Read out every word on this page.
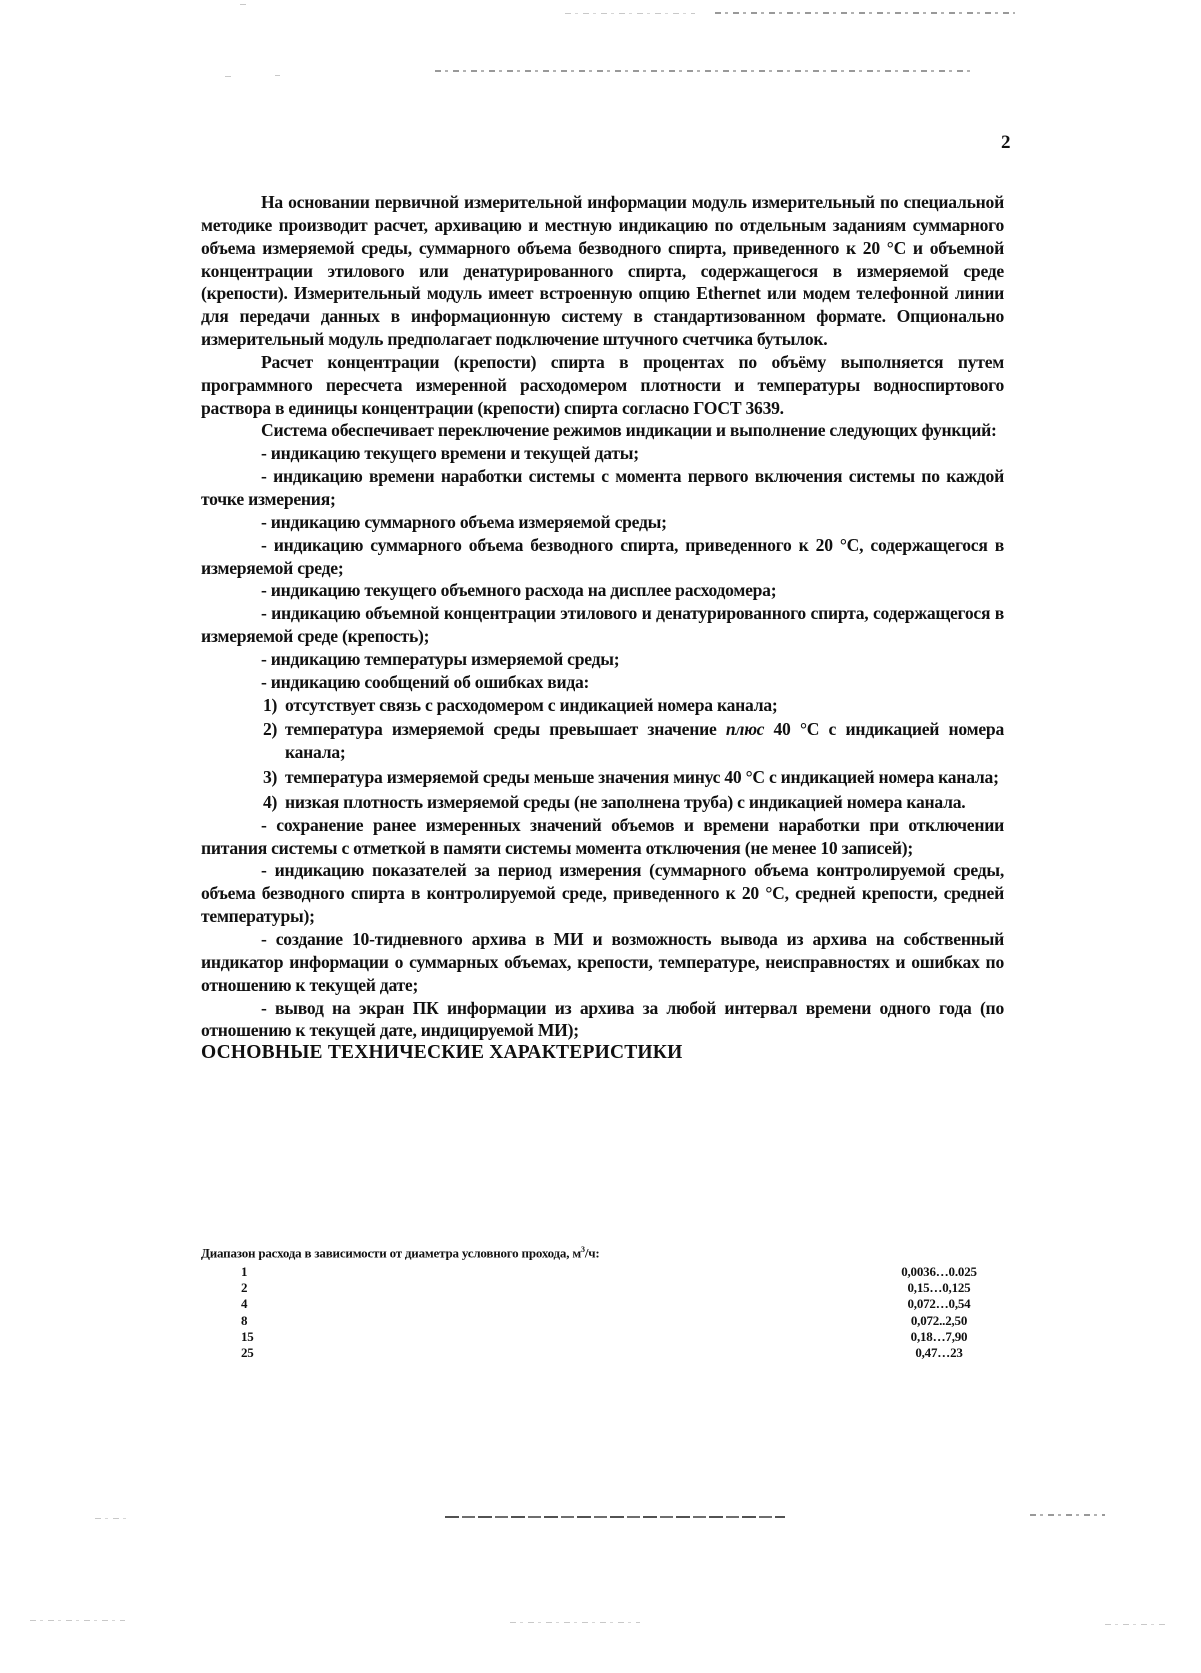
2

На основании первичной измерительной информации модуль измерительный по специальной методике производит расчет, архивацию и местную индикацию по отдельным заданиям суммарного объема измеряемой среды, суммарного объема безводного спирта, приведенного к 20 °С и объемной концентрации этилового или денатурированного спирта, содержащегося в измеряемой среде (крепости). Измерительный модуль имеет встроенную опцию Ethernet или модем телефонной линии для передачи данных в информационную систему в стандартизованном формате. Опционально измерительный модуль предполагает подключение штучного счетчика бутылок.

Расчет концентрации (крепости) спирта в процентах по объёму выполняется путем программного пересчета измеренной расходомером плотности и температуры водноспиртового раствора в единицы концентрации (крепости) спирта согласно ГОСТ 3639.

Система обеспечивает переключение режимов индикации и выполнение следующих функций:

- индикацию текущего времени и текущей даты;

- индикацию времени наработки системы с момента первого включения системы по каждой точке измерения;

- индикацию суммарного объема измеряемой среды;

- индикацию суммарного объема безводного спирта, приведенного к 20 °С, содержащегося в измеряемой среде;

- индикацию текущего объемного расхода на дисплее расходомера;

- индикацию объемной концентрации этилового и денатурированного спирта, содержащегося в измеряемой среде (крепость);

- индикацию температуры измеряемой среды;

- индикацию сообщений об ошибках вида:

1) отсутствует связь с расходомером с индикацией номера канала;
2) температура измеряемой среды превышает значение плюс 40 °С с индикацией номера канала;
3) температура измеряемой среды меньше значения минус 40 °С с индикацией номера канала;
4) низкая плотность измеряемой среды (не заполнена труба) с индикацией номера канала.

- сохранение ранее измеренных значений объемов и времени наработки при отключении питания системы с отметкой в памяти системы момента отключения (не менее 10 записей);

- индикацию показателей за период измерения (суммарного объема контролируемой среды, объема безводного спирта в контролируемой среде, приведенного к 20 °С, средней крепости, средней температуры);

- создание 10-тидневного архива в МИ и возможность вывода из архива на собственный индикатор информации о суммарных объемах, крепости, температуре, неисправностях и ошибках по отношению к текущей дате;

- вывод на экран ПК информации из архива за любой интервал времени одного года (по отношению к текущей дате, индицируемой МИ);

ОСНОВНЫЕ ТЕХНИЧЕСКИЕ ХАРАКТЕРИСТИКИ

Диапазон расхода в зависимости от диаметра условного прохода, $м^3/ч$:

1	0,0036…0.025
2	0,15…0,125
4	0,072…0,54
8	0,072..2,50
15	0,18…7,90
25	0,47…23
